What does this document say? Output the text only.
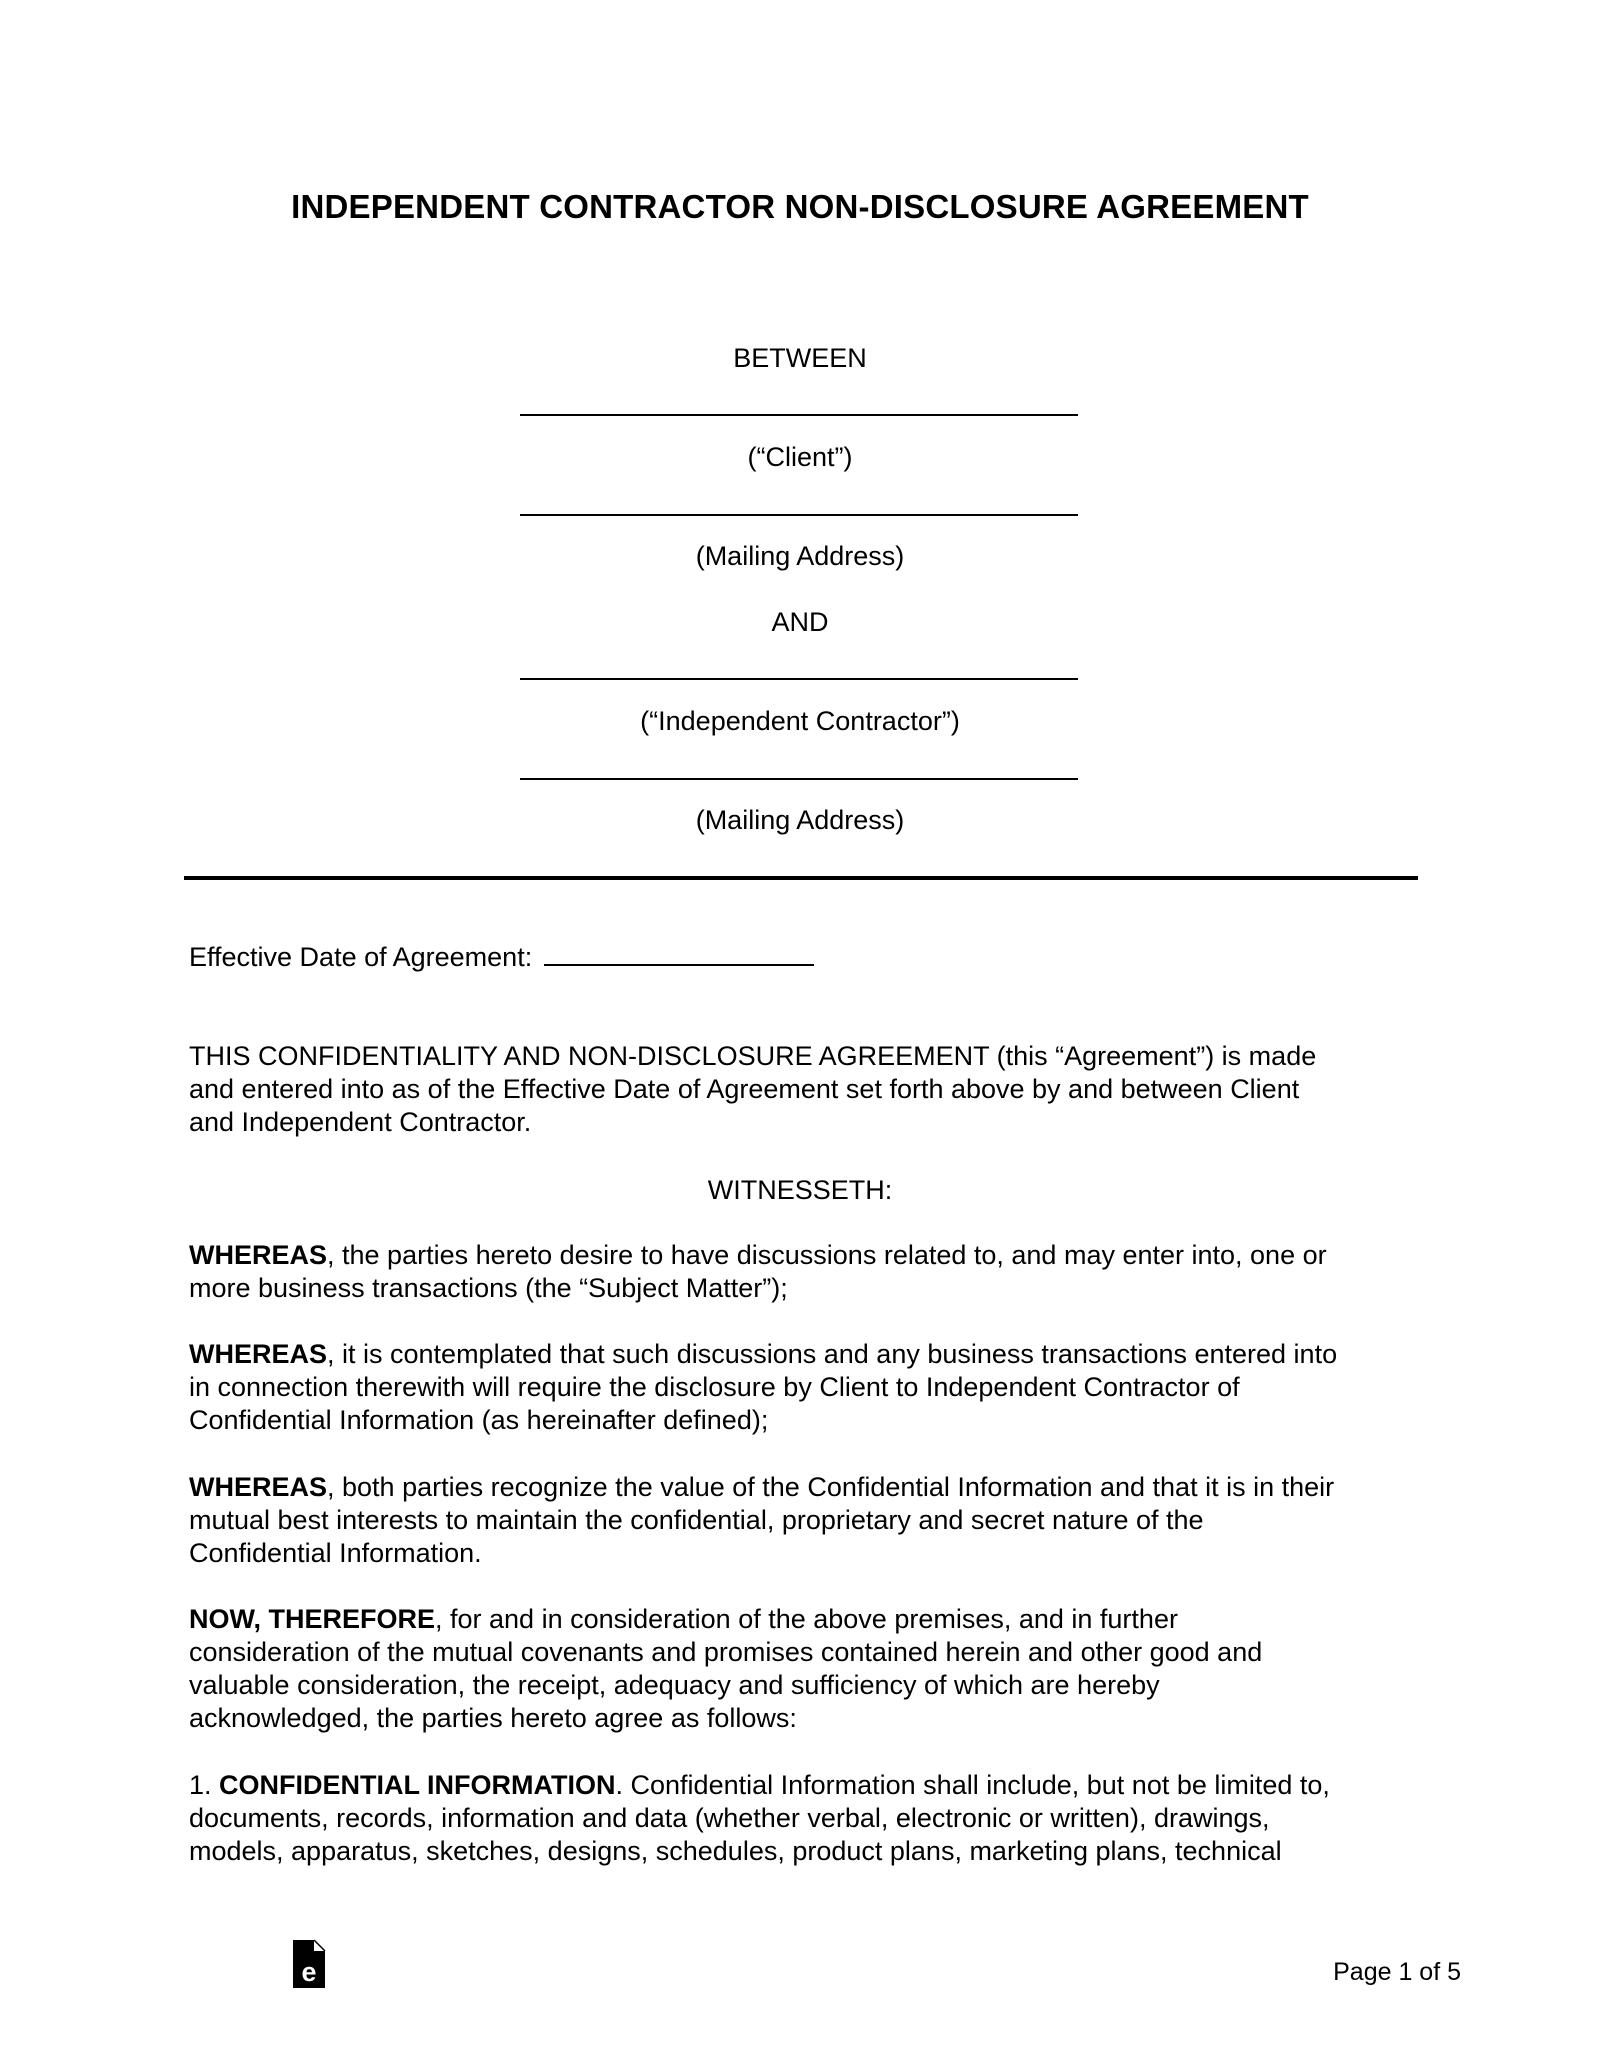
INDEPENDENT CONTRACTOR NON-DISCLOSURE AGREEMENT
BETWEEN
(“Client”)
(Mailing Address)
AND
(“Independent Contractor”)
(Mailing Address)
Effective Date of Agreement:
THIS CONFIDENTIALITY AND NON-DISCLOSURE AGREEMENT (this “Agreement”) is made
and entered into as of the Effective Date of Agreement set forth above by and between Client
and Independent Contractor.
WITNESSETH:
WHEREAS, the parties hereto desire to have discussions related to, and may enter into, one or
more business transactions (the “Subject Matter”);
WHEREAS, it is contemplated that such discussions and any business transactions entered into
in connection therewith will require the disclosure by Client to Independent Contractor of
Confidential Information (as hereinafter defined);
WHEREAS, both parties recognize the value of the Confidential Information and that it is in their
mutual best interests to maintain the confidential, proprietary and secret nature of the
Confidential Information.
NOW, THEREFORE, for and in consideration of the above premises, and in further
consideration of the mutual covenants and promises contained herein and other good and
valuable consideration, the receipt, adequacy and sufficiency of which are hereby
acknowledged, the parties hereto agree as follows:
1. CONFIDENTIAL INFORMATION. Confidential Information shall include, but not be limited to,
documents, records, information and data (whether verbal, electronic or written), drawings,
models, apparatus, sketches, designs, schedules, product plans, marketing plans, technical
e	Page 1 of 5
